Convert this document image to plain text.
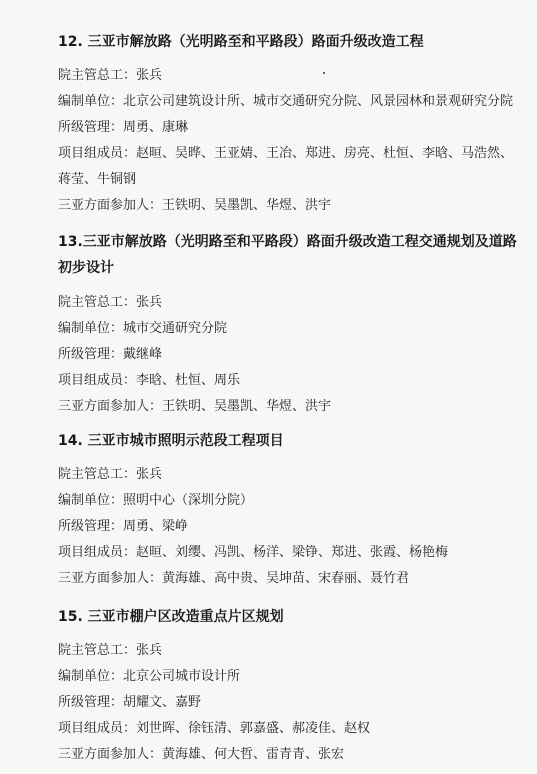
12. 三亚市解放路（光明路至和平路段）路面升级改造工程
院主管总工：张兵
编制单位：北京公司建筑设计所、城市交通研究分院、风景园林和景观研究分院
所级管理：周勇、康琳
项目组成员：赵晅、吴晔、王亚婧、王冶、郑进、房亮、杜恒、李晗、马浩然、
蒋莹、牛铜钢
三亚方面参加人：王铁明、吴墨凯、华煜、洪宇
13.三亚市解放路（光明路至和平路段）路面升级改造工程交通规划及道路初步设计
院主管总工：张兵
编制单位：城市交通研究分院
所级管理：戴继峰
项目组成员：李晗、杜恒、周乐
三亚方面参加人：王铁明、吴墨凯、华煜、洪宇
14. 三亚市城市照明示范段工程项目
院主管总工：张兵
编制单位：照明中心（深圳分院）
所级管理：周勇、梁峥
项目组成员：赵晅、刘缨、冯凯、杨洋、梁铮、郑进、张霞、杨艳梅
三亚方面参加人：黄海雄、高中贵、吴坤苗、宋春丽、聂竹君
15. 三亚市棚户区改造重点片区规划
院主管总工：张兵
编制单位：北京公司城市设计所
所级管理：胡耀文、嘉野
项目组成员：刘世晖、徐钰清、郭嘉盛、郝凌佳、赵权
三亚方面参加人：黄海雄、何大哲、雷青青、张宏
